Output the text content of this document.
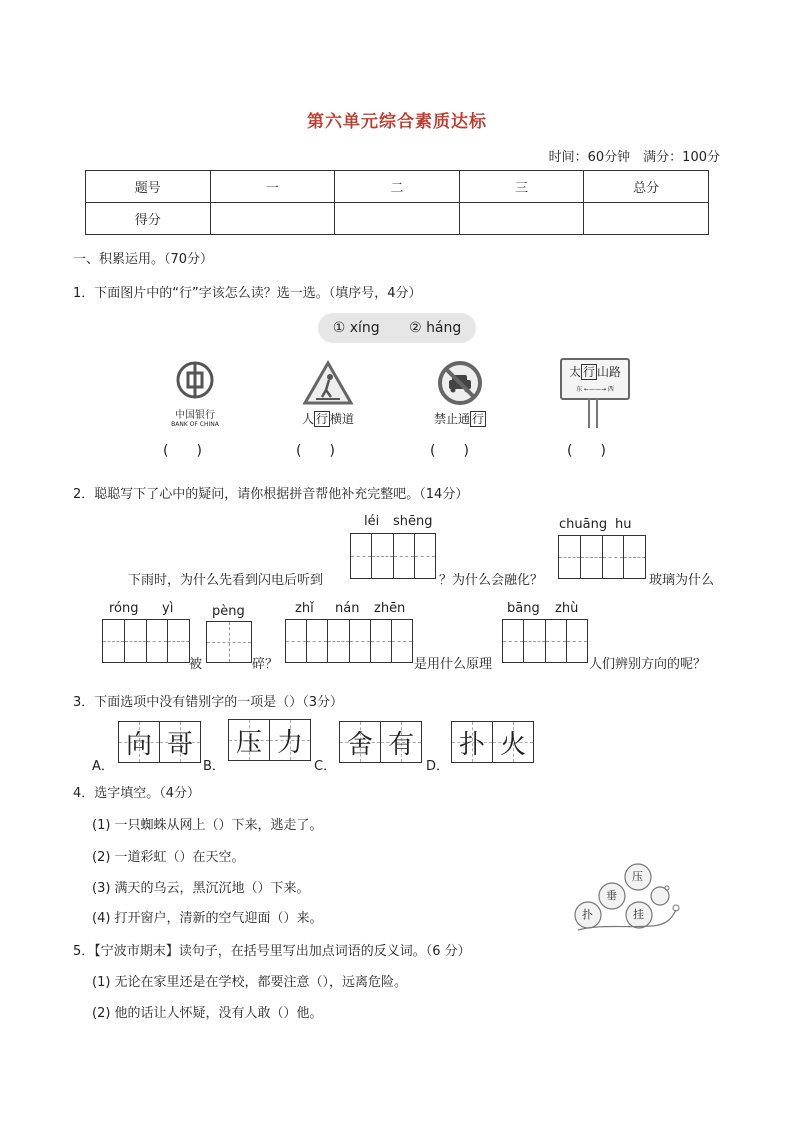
第六单元综合素质达标
时间：60分钟　满分：100分
题号	一	二	三	总分
得分				
一、积累运用。（70分）
1．下面图片中的“行”字该怎么读？选一选。（填序号，4分）
① xíng ② háng
中国银行
BANK OF CHINA
(　　)
人 行 横道
(　　)
禁止通 行
(　　)
太 行 山路
东 ←——→ 西
(　　)
2．聪聪写下了心中的疑问，请你根据拼音帮他补充完整吧。（14分）
léi shēng	chuāng hu
下雨时，为什么先看到闪电后听到	？为什么会融化？	玻璃为什么
róng yì	pèng	zhǐ nán zhēn	bāng zhù
被	碎？	是用什么原理	人们辨别方向的呢？
3．下面选项中没有错别字的一项是（）（3分）
A．
向 哥
B．
压 力
C．
舍 有
D．
扑 火
4．选字填空。（4分）
(1) 一只蜘蛛从网上（）下来，逃走了。
(2) 一道彩虹（）在天空。
(3) 满天的乌云，黑沉沉地（）下来。
(4) 打开窗户，清新的空气迎面（）来。
压
垂
扑	挂
5．【宁波市期末】读句子，在括号里写出加点词语的反义词。（6 分）
(1) 无论在家里还是在学校，都要注意（），远离危险。
(2) 他的话让人怀疑，没有人敢（）他。
